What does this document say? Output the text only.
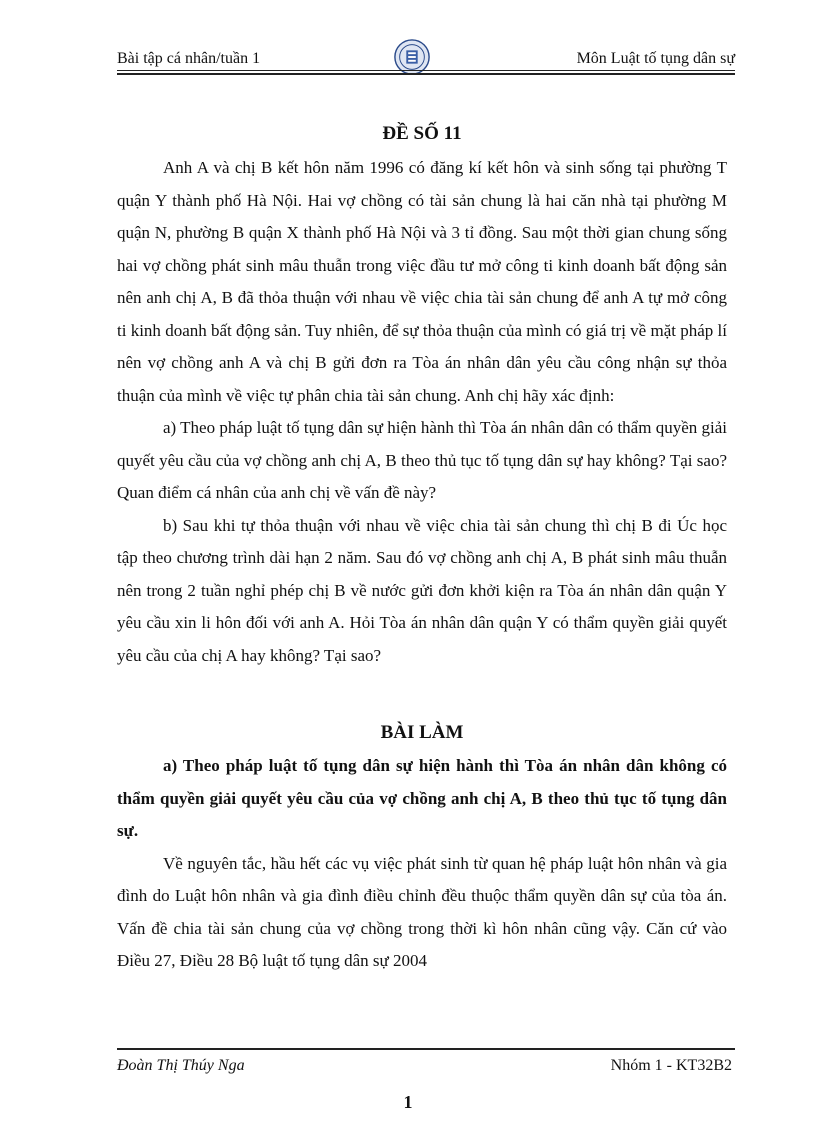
Bài tập cá nhân/tuần 1	Môn Luật tố tụng dân sự

ĐỀ SỐ 11

Anh A và chị B kết hôn năm 1996 có đăng kí kết hôn và sinh sống tại phường T quận Y thành phố Hà Nội. Hai vợ chồng có tài sản chung là hai căn nhà tại phường M quận N, phường B quận X thành phố Hà Nội và 3 tỉ đồng. Sau một thời gian chung sống hai vợ chồng phát sinh mâu thuẫn trong việc đầu tư mở công ti kinh doanh bất động sản nên anh chị A, B đã thỏa thuận với nhau về việc chia tài sản chung để anh A tự mở công ti kinh doanh bất động sản. Tuy nhiên, để sự thỏa thuận của mình có giá trị về mặt pháp lí nên vợ chồng anh A và chị B gửi đơn ra Tòa án nhân dân yêu cầu công nhận sự thỏa thuận của mình về việc tự phân chia tài sản chung. Anh chị hãy xác định:

a) Theo pháp luật tố tụng dân sự hiện hành thì Tòa án nhân dân có thẩm quyền giải quyết yêu cầu của vợ chồng anh chị A, B theo thủ tục tố tụng dân sự hay không? Tại sao? Quan điểm cá nhân của anh chị về vấn đề này?

b) Sau khi tự thỏa thuận với nhau về việc chia tài sản chung thì chị B đi Úc học tập theo chương trình dài hạn 2 năm. Sau đó vợ chồng anh chị A, B phát sinh mâu thuẫn nên trong 2 tuần nghỉ phép chị B về nước gửi đơn khởi kiện ra Tòa án nhân dân quận Y yêu cầu xin li hôn đối với anh A. Hỏi Tòa án nhân dân quận Y có thẩm quyền giải quyết yêu cầu của chị A hay không? Tại sao?

BÀI LÀM

a) Theo pháp luật tố tụng dân sự hiện hành thì Tòa án nhân dân không có thẩm quyền giải quyết yêu cầu của vợ chồng anh chị A, B theo thủ tục tố tụng dân sự.

Về nguyên tắc, hầu hết các vụ việc phát sinh từ quan hệ pháp luật hôn nhân và gia đình do Luật hôn nhân và gia đình điều chỉnh đều thuộc thẩm quyền dân sự của tòa án. Vấn đề chia tài sản chung của vợ chồng trong thời kì hôn nhân cũng vậy. Căn cứ vào Điều 27, Điều 28 Bộ luật tố tụng dân sự 2004

Đoàn Thị Thúy Nga	Nhóm 1 - KT32B2
1
